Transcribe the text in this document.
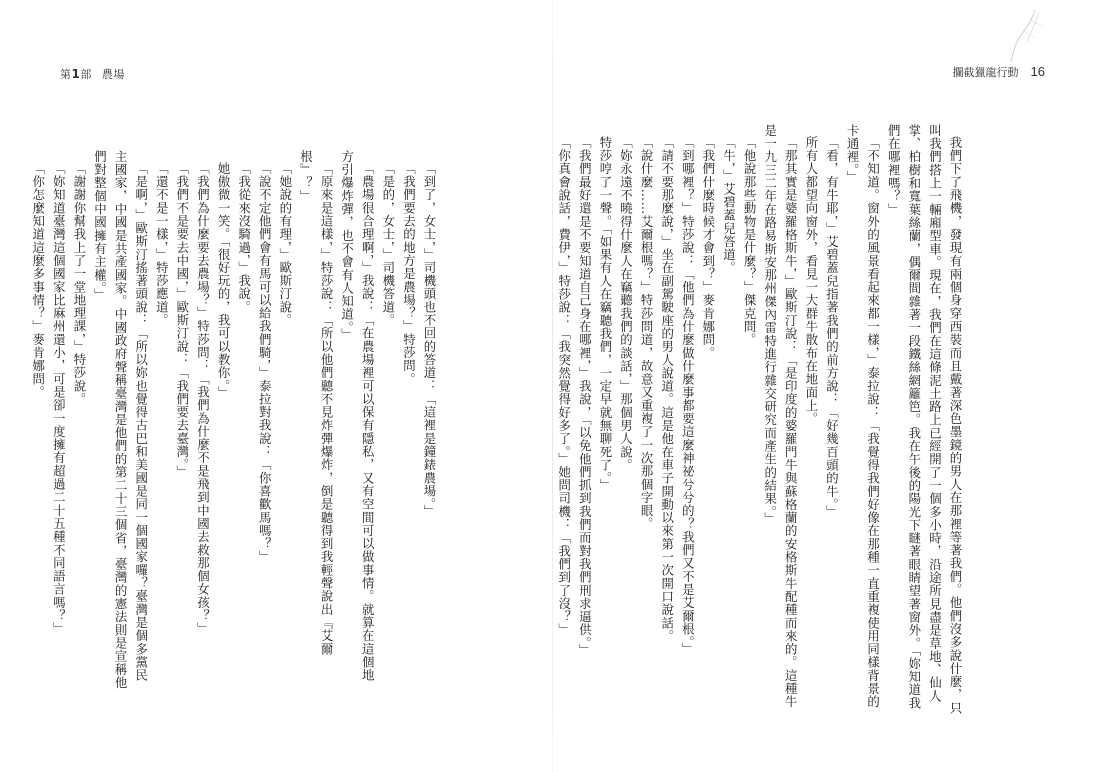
第1部 農場	攔截獵龍行動 16

我們下了飛機，發現有兩個身穿西裝而且戴著深色墨鏡的男人在那裡等著我們。他們沒多說什麼，只叫我們搭上一輛廂型車。現在，我們在這條泥土路上已經開了一個多小時，沿途所見盡是草地、仙人掌、柏樹和寬葉絲蘭，偶爾間雜著一段鐵絲網籬笆。我在午後的陽光下瞇著眼睛望著窗外。「妳知道我們在哪裡嗎？」

「不知道。窗外的風景看起來都一樣，」泰拉說：「我覺得我們好像在那種一直重複使用同樣背景的卡通裡。」

「看，有牛耶，」艾碧蓋兒指著我們的前方說：「好幾百頭的牛。」

所有人都望向窗外，看見一大群牛散布在地面上。

「那其實是婆羅格斯牛，」歐斯汀說：「是印度的婆羅門牛與蘇格蘭的安格斯牛配種而來的。這種牛是一九三二年在路易斯安那州傑內雷特進行雜交研究而產生的結果。」

「他說那些動物是什麼？」傑克問。

「牛，」艾碧蓋兒答道。

「我們什麼時候才會到？」麥肯娜問。

「到哪裡？」特莎說：「他們為什麼做什麼事都要這麼神祕兮兮的？我們又不是艾爾根。」

「請不要那麼說，」坐在副駕駛座的男人說道。這是他在車子開動以來第一次開口說話。

「說什麼……艾爾根嗎？」特莎問道，故意又重複了一次那個字眼。

「妳永遠不曉得什麼人在竊聽我們的談話，」那個男人說。

特莎哼了一聲。「如果有人在竊聽我們，一定早就無聊死了。」

「我們最好還是不要知道自己身在哪裡，」我說，「以免他們抓到我們而對我們刑求逼供。」

「你真會說話，費伊，」特莎說：「我突然覺得好多了。」她問司機：「我們到了沒？」

「到了，女士，」司機頭也不回的答道：「這裡是鐘錶農場。」

「我們要去的地方是農場？」特莎問。

「是的，女士，」司機答道。

「農場很合理啊，」我說：「在農場裡可以保有隱私，又有空間可以做事情。就算在這個地方引爆炸彈，也不會有人知道。」

「原來是這樣，」特莎說：「所以他們聽不見炸彈爆炸，倒是聽得到我輕聲說出『艾爾根』？」

「她說的有理，」歐斯汀說。

「說不定他們會有馬可以給我們騎，」泰拉對我說：「你喜歡馬嗎？」

「我從來沒騎過，」我說。

她傲微一笑。「很好玩的，我可以教你。」

「我們為什麼要去農場？」特莎問：「我們為什麼不是飛到中國去救那個女孩？」

「我們不是要去中國，」歐斯汀說：「我們要去臺灣。」

「還不是一樣，」特莎應道。

「是啊，」歐斯汀搖著頭說：「所以妳也覺得古巴和美國是同一個國家囉？臺灣是個多黨民主國家，中國是共產國家。中國政府聲稱臺灣是他們的第二十三個省，臺灣的憲法則是宣稱他們對整個中國擁有主權。」

「謝謝你幫我上了一堂地理課，」特莎說。

「妳知道臺灣這個國家比麻州還小，可是卻一度擁有超過二十五種不同語言嗎？」

「你怎麼知道這麼多事情？」麥肯娜問。
